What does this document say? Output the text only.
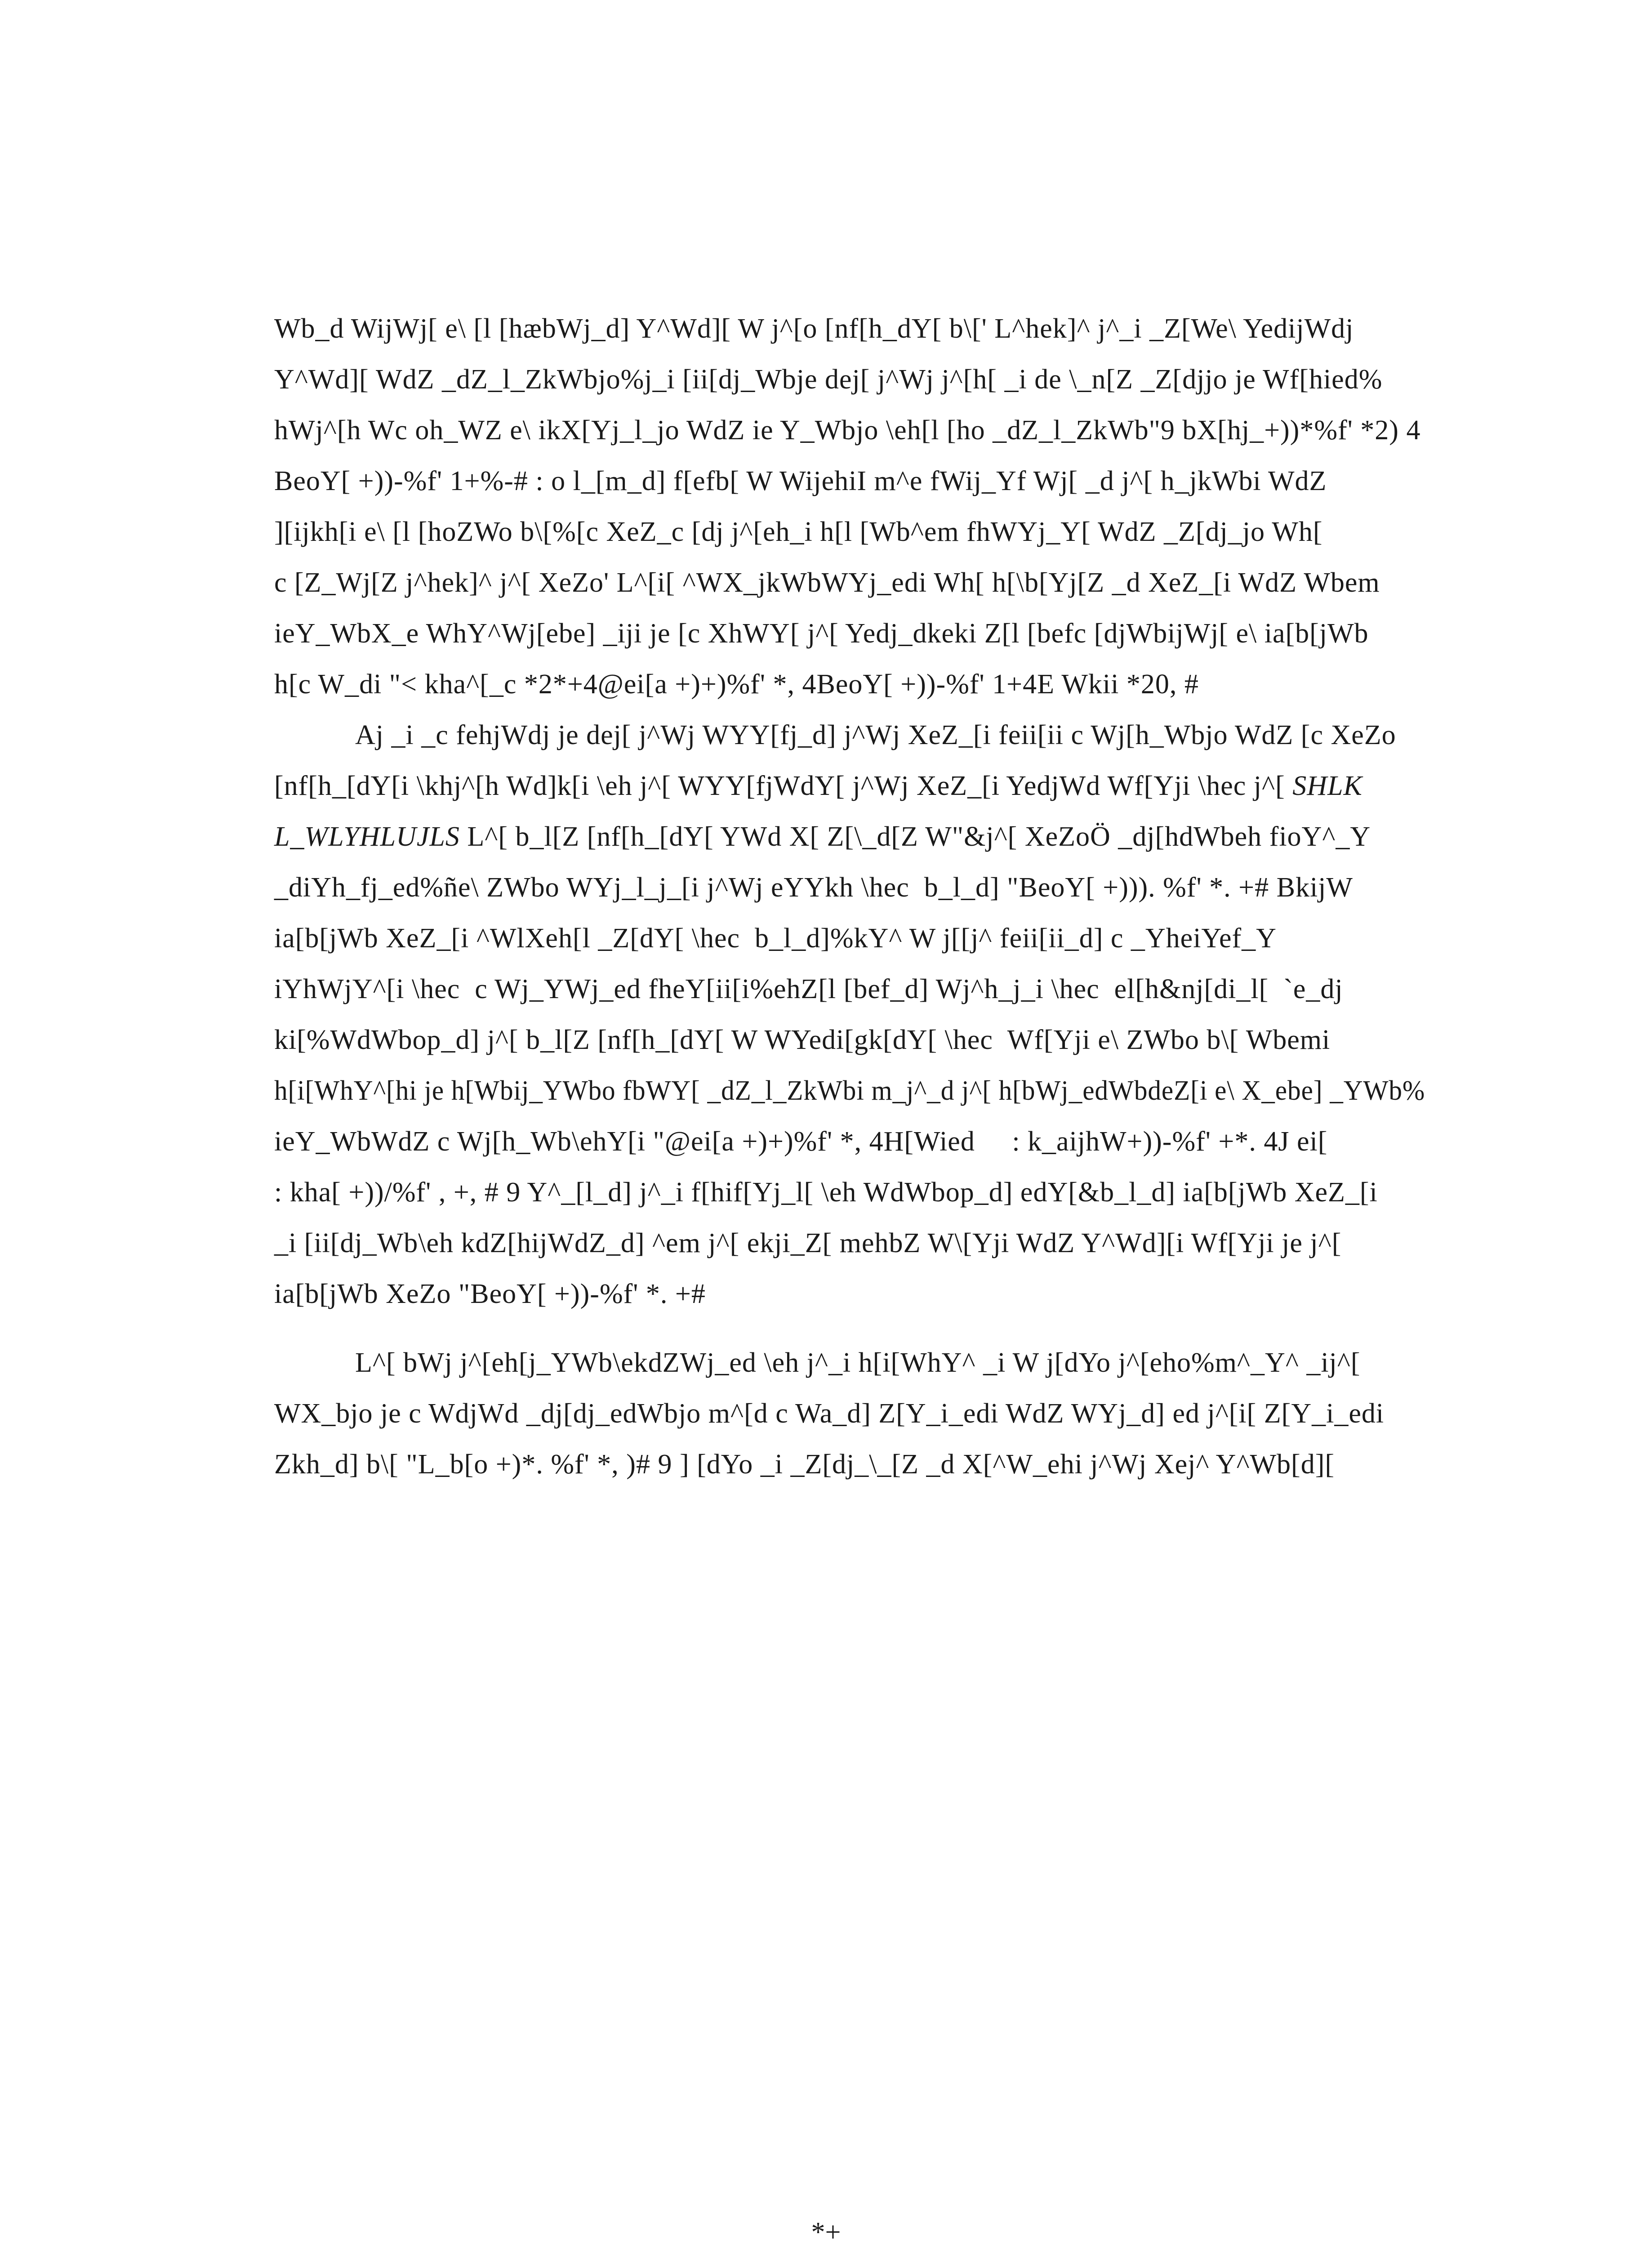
Wb_d WijWj[ e\ [l [hæbWj_d] Y^Wd][ W j^[o [nf[h_dY[ b\[' L^hek]^ j^_i _Z[We\ YedijWdj
Y^Wd][ WdZ _dZ_l_ZkWbjo%j_i [ii[dj_Wbje dej[ j^Wj j^[h[ _i de \_n[Z _Z[djjo je Wf[hied%
hWj^[h Wc oh_WZ e\ ikX[Yj_l_jo WdZ ie Y_Wbjo \eh[l [ho _dZ_l_ZkWb"9 bX[hj_+))*%f' *2) 4
BeoY[ +))-%f' 1+%-# : o l_[m_d] f[efb[ W WijehiI m^e fWij_Yf Wj[ _d j^[ h_jkWbi WdZ
][ijkh[i e\ [l [hoZWo b\[%[c XeZ_c [dj j^[eh_i h[l [Wb^em fhWYj_Y[ WdZ _Z[dj_jo Wh[
c [Z_Wj[Z j^hek]^ j^[ XeZo' L^[i[ ^WX_jkWbWYj_edi Wh[ h[\b[Yj[Z _d XeZ_[i WdZ Wbem
ieY_WbX_e WhY^Wj[ebe] _iji je [c XhWY[ j^[ Yedj_dkeki Z[l [befc [djWbijWj[ e\ ia[b[jWb
h[c W_di "< kha^[_c *2*+4@ei[a +)+)%f' *, 4BeoY[ +))-%f' 1+4E Wkii *20, #
Aj _i _c fehjWdj je dej[ j^Wj WYY[fj_d] j^Wj XeZ_[i feii[ii c Wj[h_Wbjo WdZ [c XeZo
[nf[h_[dY[i \khj^[h Wd]k[i \eh j^[ WYY[fjWdY[ j^Wj XeZ_[i YedjWd Wf[Yji \hec j^[ SHLK
L_WLYHLUJLS L^[ b_l[Z [nf[h_[dY[ YWd X[ Z[\_d[Z W"&j^[ XeZoÖ _dj[hdWbeh fioY^_Y
_diYh_fj_ed%ñe\ ZWbo WYj_l_j_[i j^Wj eYYkh \hec  b_l_d] "BeoY[ +))). %f' *. +# BkijW
ia[b[jWb XeZ_[i ^WlXeh[l _Z[dY[ \hec  b_l_d]%kY^ W j[[j^ feii[ii_d] c _YheiYef_Y
iYhWjY^[i \hec  c Wj_YWj_ed fheY[ii[i%ehZ[l [bef_d] Wj^h_j_i \hec  el[h&nj[di_l[  `e_dj
ki[%WdWbop_d] j^[ b_l[Z [nf[h_[dY[ W WYedi[gk[dY[ \hec  Wf[Yji e\ ZWbo b\[ Wbemi
h[i[WhY^[hi je h[Wbij_YWbo fbWY[ _dZ_l_ZkWbi m_j^_d j^[ h[bWj_edWbdeZ[i e\ X_ebe] _YWb%
ieY_WbWdZ c Wj[h_Wb\ehY[i "@ei[a +)+)%f' *, 4H[Wied     : k_aijhW+))-%f' +*. 4J ei[
: kha[ +))/%f' , +, # 9 Y^_[l_d] j^_i f[hif[Yj_l[ \eh WdWbop_d] edY[&b_l_d] ia[b[jWb XeZ_[i
_i [ii[dj_Wb\eh kdZ[hijWdZ_d] ^em j^[ ekji_Z[ mehbZ W\[Yji WdZ Y^Wd][i Wf[Yji je j^[
ia[b[jWb XeZo "BeoY[ +))-%f' *. +#
L^[ bWj j^[eh[j_YWb\ekdZWj_ed \eh j^_i h[i[WhY^ _i W j[dYo j^[eho%m^_Y^ _ij^[
WX_bjo je c WdjWd _dj[dj_edWbjo m^[d c Wa_d] Z[Y_i_edi WdZ WYj_d] ed j^[i[ Z[Y_i_edi
Zkh_d] b\[ "L_b[o +)*. %f' *, )# 9 ] [dYo _i _Z[dj_\_[Z _d X[^W_ehi j^Wj Xej^ Y^Wb[d][
*+
